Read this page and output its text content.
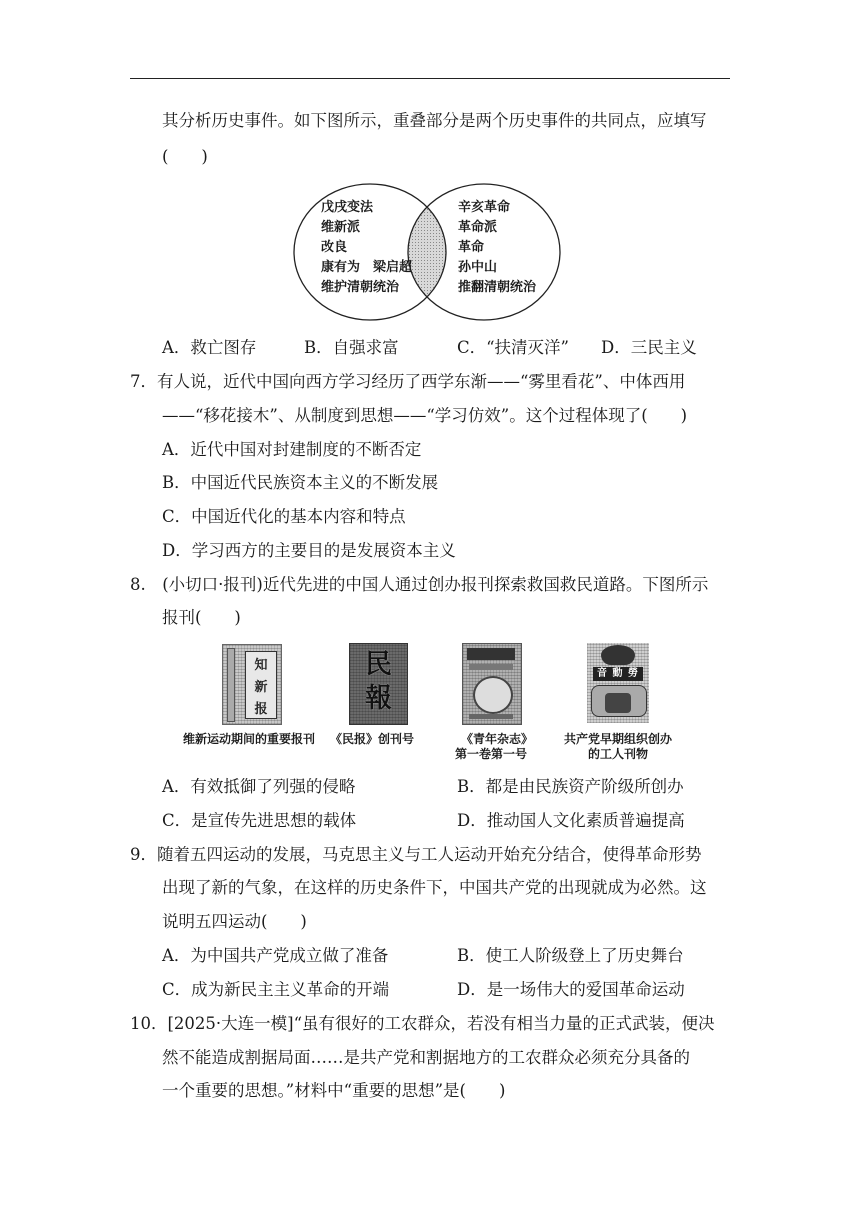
其分析历史事件。如下图所示，重叠部分是两个历史事件的共同点，应填写
(　　)
戊戌变法
维新派
改良
康有为　梁启超
维护清朝统治
辛亥革命
革命派
革命
孙中山
推翻清朝统治
A．救亡图存	B．自强求富	C．“扶清灭洋” D．三民主义
7．有人说，近代中国向西方学习经历了西学东渐——“雾里看花”、中体西用
——“移花接木”、从制度到思想——“学习仿效”。这个过程体现了(　　)
A．近代中国对封建制度的不断否定
B．中国近代民族资本主义的不断发展
C．中国近代化的基本内容和特点
D．学习西方的主要目的是发展资本主义
8.　(小切口·报刊)近代先进的中国人通过创办报刊探索救国救民道路。下图所示
报刊(　　)
知
新
报
民
報
音 動 勞
维新运动期间的重要报刊 《民报》创刊号	《青年杂志》
第一卷第一号
共产党早期组织创办
的工人刊物
A．有效抵御了列强的侵略	B．都是由民族资产阶级所创办
C．是宣传先进思想的载体	D．推动国人文化素质普遍提高
9．随着五四运动的发展，马克思主义与工人运动开始充分结合，使得革命形势
出现了新的气象，在这样的历史条件下，中国共产党的出现就成为必然。这
说明五四运动(　　)
A．为中国共产党成立做了准备	B．使工人阶级登上了历史舞台
C．成为新民主主义革命的开端	D．是一场伟大的爱国革命运动
10．[2025·大连一模]“虽有很好的工农群众，若没有相当力量的正式武装，便决
然不能造成割据局面……是共产党和割据地方的工农群众必须充分具备的
一个重要的思想。”材料中“重要的思想”是(　　)
